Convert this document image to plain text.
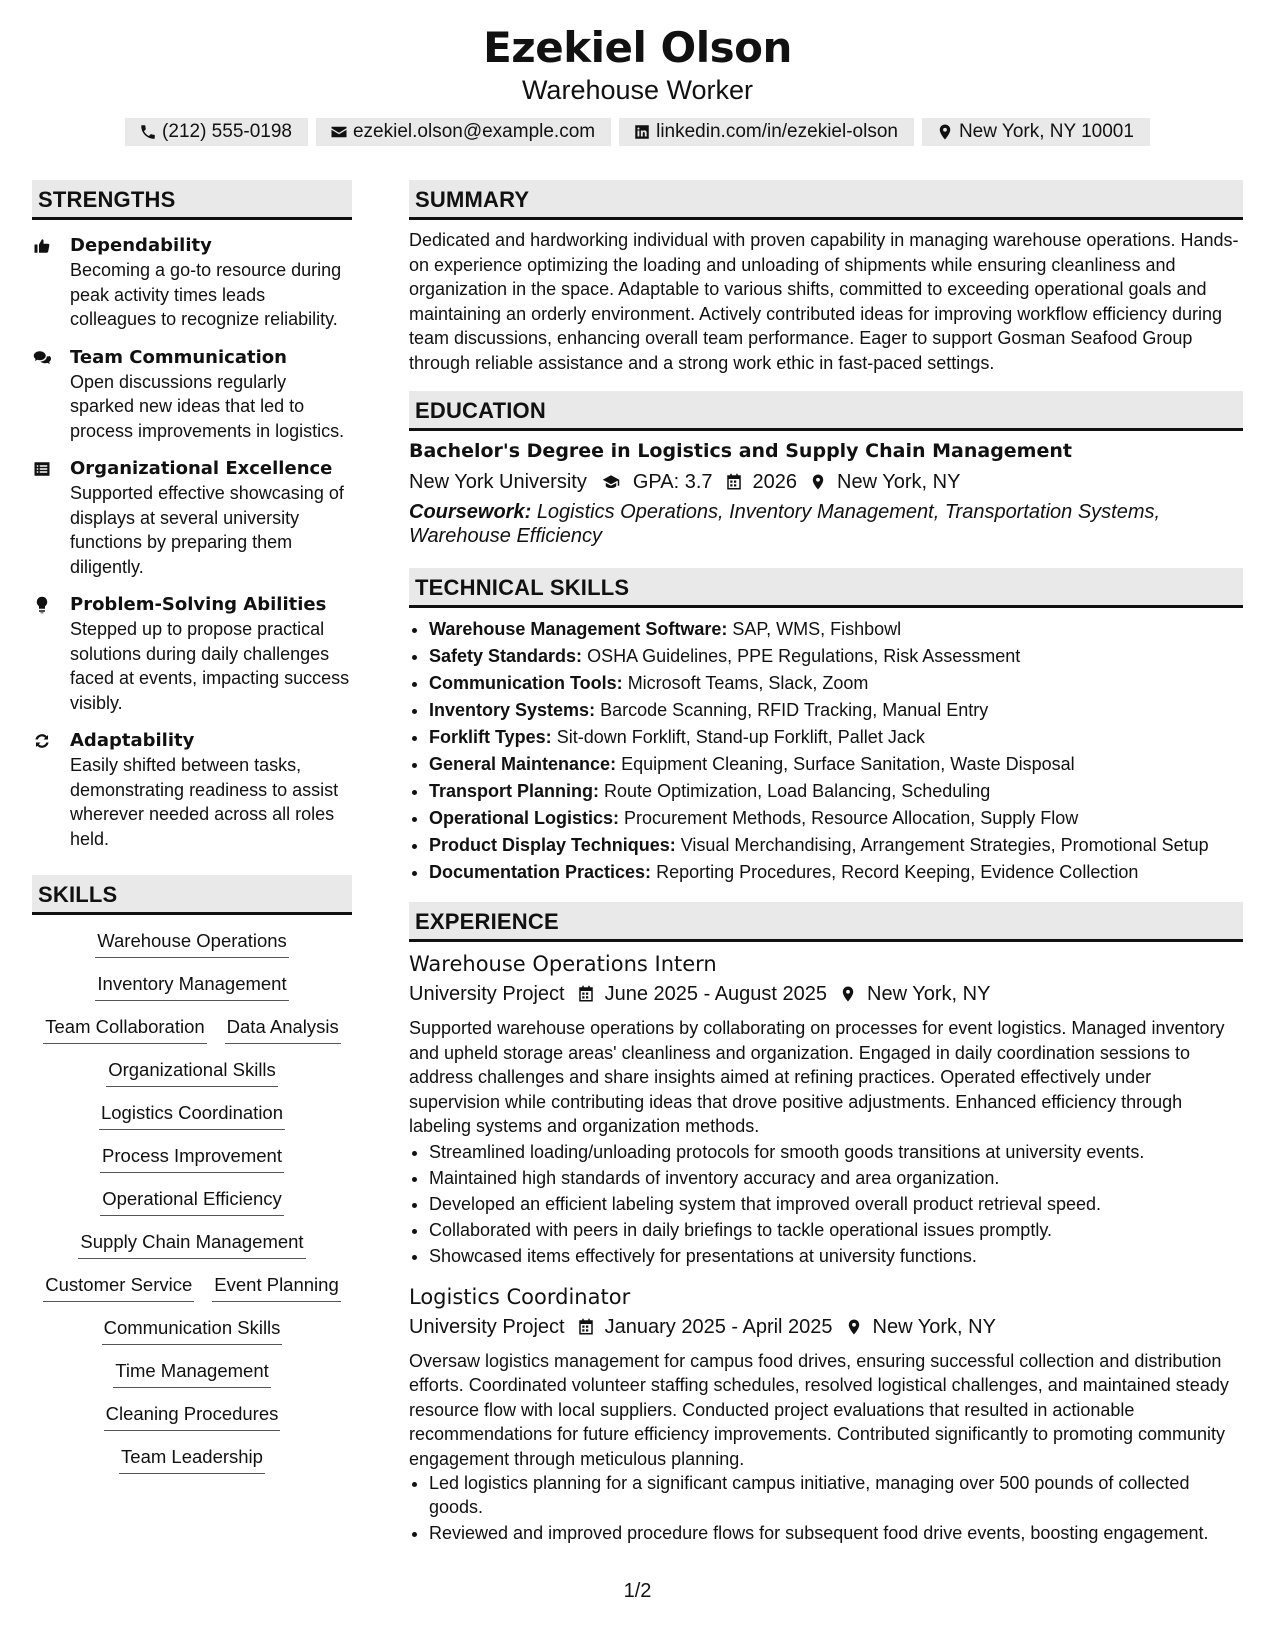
Ezekiel Olson
Warehouse Worker
(212) 555-0198	ezekiel.olson@example.com	linkedin.com/in/ezekiel-olson	New York, NY 10001
STRENGTHS
Dependability
Becoming a go-to resource during peak activity times leads colleagues to recognize reliability.
Team Communication
Open discussions regularly sparked new ideas that led to process improvements in logistics.
Organizational Excellence
Supported effective showcasing of displays at several university functions by preparing them diligently.
Problem-Solving Abilities
Stepped up to propose practical solutions during daily challenges faced at events, impacting success visibly.
Adaptability
Easily shifted between tasks, demonstrating readiness to assist wherever needed across all roles held.
SKILLS
Warehouse Operations
Inventory Management
Team Collaboration Data Analysis
Organizational Skills
Logistics Coordination
Process Improvement
Operational Efficiency
Supply Chain Management
Customer Service Event Planning
Communication Skills
Time Management
Cleaning Procedures
Team Leadership
SUMMARY
Dedicated and hardworking individual with proven capability in managing warehouse operations. Hands-on experience optimizing the loading and unloading of shipments while ensuring cleanliness and organization in the space. Adaptable to various shifts, committed to exceeding operational goals and maintaining an orderly environment. Actively contributed ideas for improving workflow efficiency during team discussions, enhancing overall team performance. Eager to support Gosman Seafood Group through reliable assistance and a strong work ethic in fast-paced settings.
EDUCATION
Bachelor's Degree in Logistics and Supply Chain Management
New York University GPA: 3.7 2026 New York, NY
Coursework: Logistics Operations, Inventory Management, Transportation Systems, Warehouse Efficiency
TECHNICAL SKILLS
• Warehouse Management Software: SAP, WMS, Fishbowl
• Safety Standards: OSHA Guidelines, PPE Regulations, Risk Assessment
• Communication Tools: Microsoft Teams, Slack, Zoom
• Inventory Systems: Barcode Scanning, RFID Tracking, Manual Entry
• Forklift Types: Sit-down Forklift, Stand-up Forklift, Pallet Jack
• General Maintenance: Equipment Cleaning, Surface Sanitation, Waste Disposal
• Transport Planning: Route Optimization, Load Balancing, Scheduling
• Operational Logistics: Procurement Methods, Resource Allocation, Supply Flow
• Product Display Techniques: Visual Merchandising, Arrangement Strategies, Promotional Setup
• Documentation Practices: Reporting Procedures, Record Keeping, Evidence Collection
EXPERIENCE
Warehouse Operations Intern
University Project June 2025 - August 2025 New York, NY
Supported warehouse operations by collaborating on processes for event logistics. Managed inventory and upheld storage areas' cleanliness and organization. Engaged in daily coordination sessions to address challenges and share insights aimed at refining practices. Operated effectively under supervision while contributing ideas that drove positive adjustments. Enhanced efficiency through labeling systems and organization methods.
• Streamlined loading/unloading protocols for smooth goods transitions at university events.
• Maintained high standards of inventory accuracy and area organization.
• Developed an efficient labeling system that improved overall product retrieval speed.
• Collaborated with peers in daily briefings to tackle operational issues promptly.
• Showcased items effectively for presentations at university functions.
Logistics Coordinator
University Project January 2025 - April 2025 New York, NY
Oversaw logistics management for campus food drives, ensuring successful collection and distribution efforts. Coordinated volunteer staffing schedules, resolved logistical challenges, and maintained steady resource flow with local suppliers. Conducted project evaluations that resulted in actionable recommendations for future efficiency improvements. Contributed significantly to promoting community engagement through meticulous planning.
• Led logistics planning for a significant campus initiative, managing over 500 pounds of collected goods.
• Reviewed and improved procedure flows for subsequent food drive events, boosting engagement.
1/2
